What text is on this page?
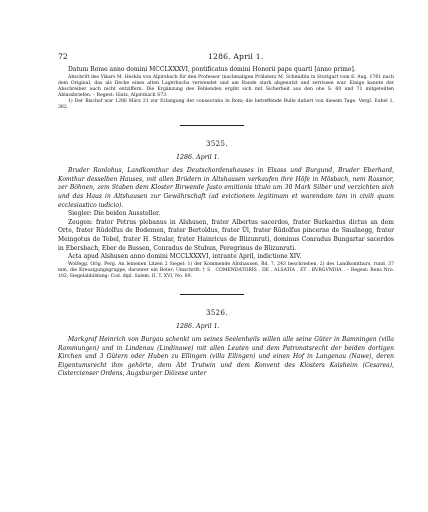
72	1286. April 1.

Datum Rome anno domini MCCLXXXVI, pontificatus domini Honorii pape quarti [anno primo].

Abschrift des Vikars M. Heckin von Alpirsbach für den Professor (nachmaligen Prälaten) M. Schmidlin in Stuttgart vom 6. Aug. 1761 nach dem Original, das als Decke eines alten Lagerbuchs verwendet und am Rande stark abgenutzt und zerrissen war. Einige kannte der Abschreiber auch nicht entziffern. Die Ergänzung des Fehlenden ergibt sich mit Sicherheit aus den obe S. 60 und 71 mitgeteilten Ablassbriefen. – Regest: Glatz, Alpirsbach S73.

1) Der Bischof war 1286 März 31 zur Erlangung der consecratio in Rom; die betreffende Bulle datiert von diesem Tage. Vergl. Eubel 1, 362.

3525.
1286. April 1.

Bruder Ronlohus, Landkomthur des Deutschordenshauses in Elsass und Burgund, Bruder Eberhard, Komthur desselben Hauses, mit allen Brüdern in Altshausen verkaufen ihre Höfe in Mösbach, nem Rassnor, zer Böhnen, zem Staben dem Kloster Birwende Justo emitionis titulo um 30 Mark Silber und verzichten sich und das Haus in Altshausen zur Gewährschaft (ad evictionem legitimam et warendam tam in civili quam ecclesiastico iudicio).

Siegler: Die beiden Aussteller.

Zeugen: frater Petrus plebanus in Alshusen, frater Albertus sacerdos, frater Burkardus dictus an dem Orte, frater Rŭdolfus de Bodemen, frater Bertoldus, frater Ŭl, frater Rŭdolfus pincerne de Smalnegg, frater Meingotus de Tobel, frater H. Stralar, frater Hainricus de Blizunruti, dominus Conradus Bungartar sacerdos in Ebersbach, Eber de Bussen, Conradus de Stubun, Peregrinus de Blizunruti.

Acta apud Alshusen anno domini MCCLXXXVI, intrante April, indictione XIV.

Wolfegg. Orig. Perg. An leinenen Litzen 2 Siegel: 1) der Kommende Altshausen, Bd. 7, 243 beschrieben. 2) des Landkomthurs, rund, 37 mm, die Kreuzigungsgruppe, darunter ein Beter; Umschrift: † S . COMENDATORIS . DE . ALSATIA . ET . BVRGVNDIA . – Regest: Rens Nro. 102; Siegelabbildung: Cod. dipl. Salem. II, T. XVI, No. 89.

3526.
1286. April 1.

Markgraf Heinrich von Burgau schenkt um seines Seelenheils willen alle seine Güter in Bamningen (villa Rammungen) und in Lindenau (Lindinawe) mit allen Leuten und dem Patronatsrecht der beiden dortigen Kirchen und 3 Gütern oder Huben zu Ellingen (villa Ellingen) und einen Hof in Langenau (Nawe), deren Eigentumsrecht ihm gehörte, dem Abt Trutwin und dem Konvent des Klosters Kaisheim (Cesarea), Cistercienser Ordens, Augsburger Diözese unter
